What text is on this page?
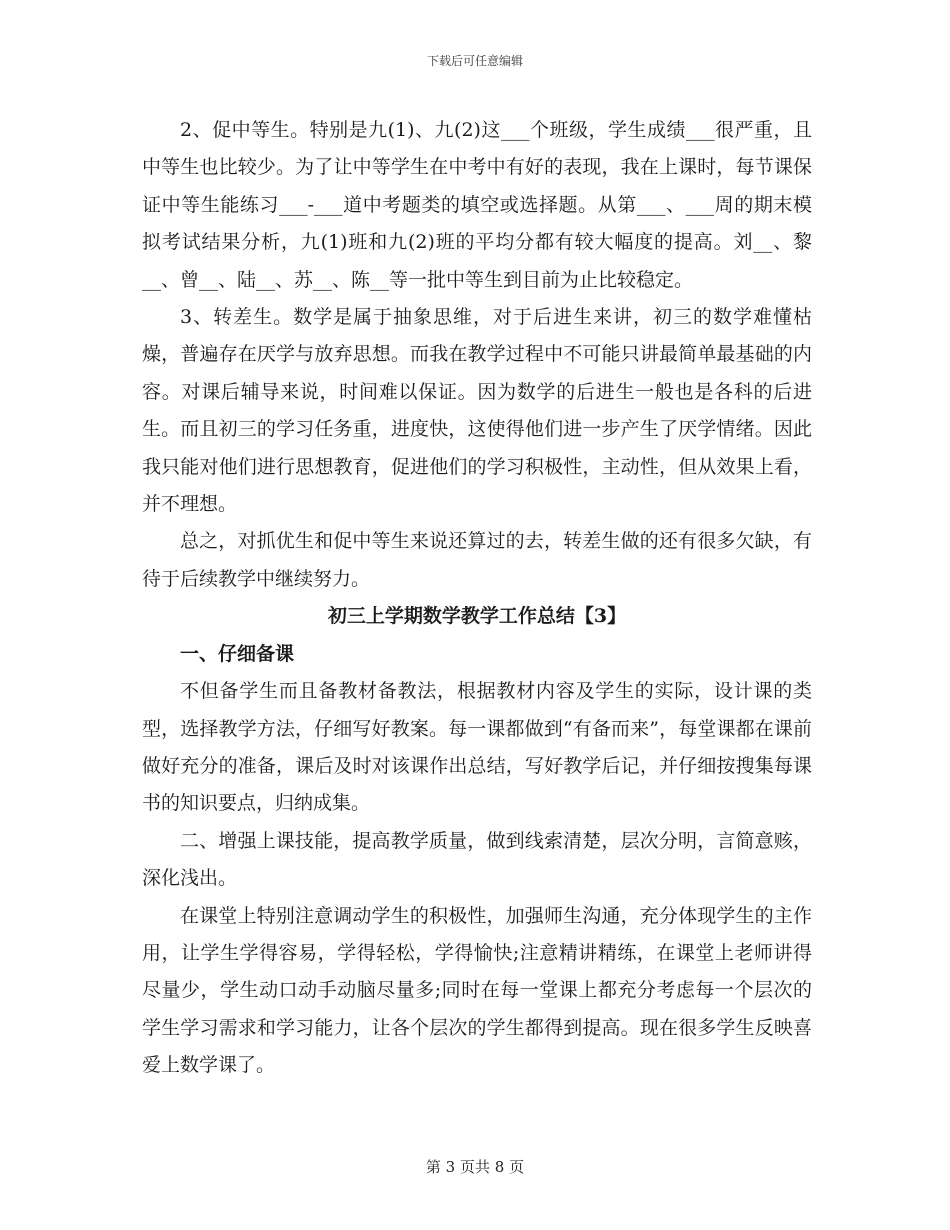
下载后可任意编辑

2、促中等生。特别是九(1)、九(2)这___个班级，学生成绩___很严重，且中等生也比较少。为了让中等学生在中考中有好的表现，我在上课时，每节课保证中等生能练习___-___道中考题类的填空或选择题。从第___、___周的期末模拟考试结果分析，九(1)班和九(2)班的平均分都有较大幅度的提高。刘__、黎__、曾__、陆__、苏__、陈__等一批中等生到目前为止比较稳定。

3、转差生。数学是属于抽象思维，对于后进生来讲，初三的数学难懂枯燥，普遍存在厌学与放弃思想。而我在教学过程中不可能只讲最简单最基础的内容。对课后辅导来说，时间难以保证。因为数学的后进生一般也是各科的后进生。而且初三的学习任务重，进度快，这使得他们进一步产生了厌学情绪。因此我只能对他们进行思想教育，促进他们的学习积极性，主动性，但从效果上看，并不理想。

总之，对抓优生和促中等生来说还算过的去，转差生做的还有很多欠缺，有待于后续教学中继续努力。

初三上学期数学教学工作总结【3】

一、仔细备课

不但备学生而且备教材备教法，根据教材内容及学生的实际，设计课的类型，选择教学方法，仔细写好教案。每一课都做到“有备而来”，每堂课都在课前做好充分的准备，课后及时对该课作出总结，写好教学后记，并仔细按搜集每课书的知识要点，归纳成集。

二、增强上课技能，提高教学质量，做到线索清楚，层次分明，言简意赅，深化浅出。

在课堂上特别注意调动学生的积极性，加强师生沟通，充分体现学生的主作用，让学生学得容易，学得轻松，学得愉快;注意精讲精练，在课堂上老师讲得尽量少，学生动口动手动脑尽量多;同时在每一堂课上都充分考虑每一个层次的学生学习需求和学习能力，让各个层次的学生都得到提高。现在很多学生反映喜爱上数学课了。

第 3 页共 8 页
